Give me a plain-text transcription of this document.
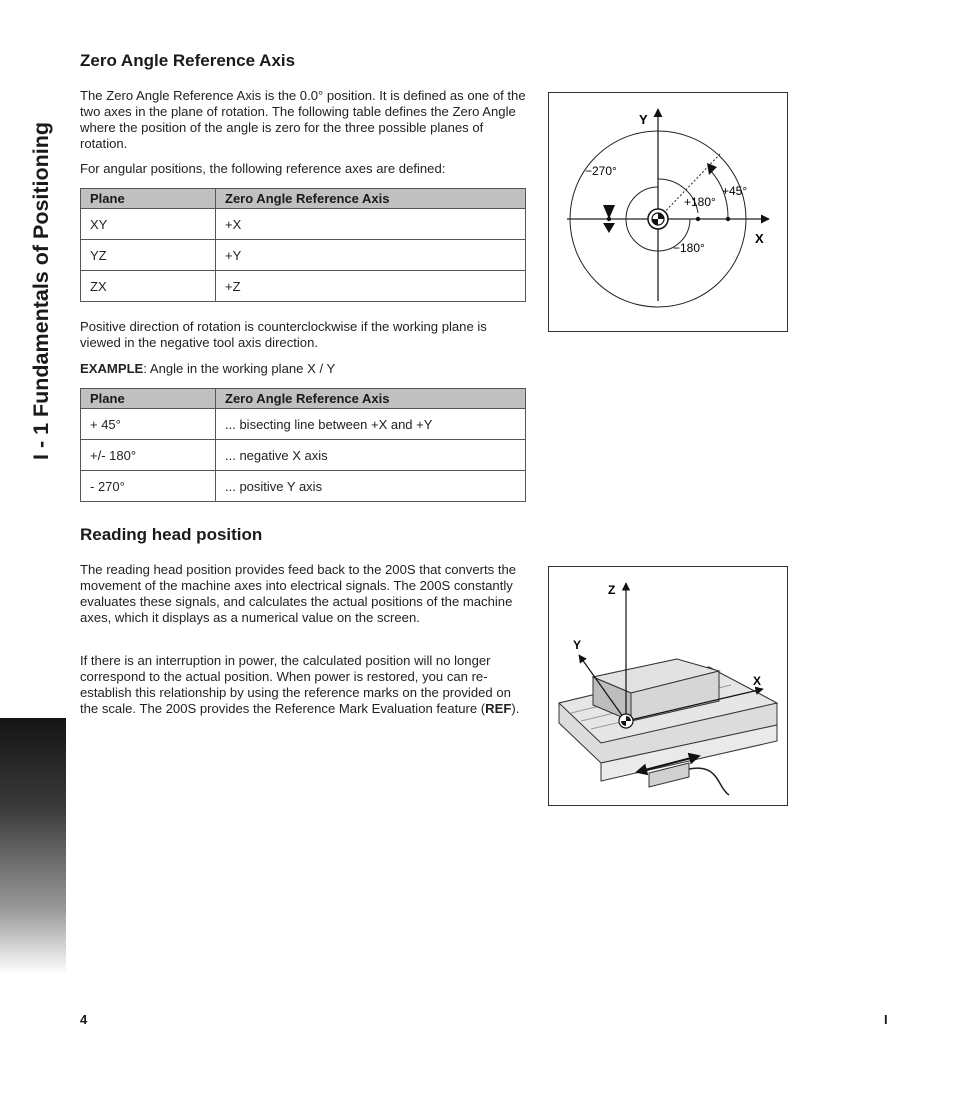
I - 1 Fundamentals of Positioning
Zero Angle Reference Axis

The Zero Angle Reference Axis is the 0.0° position. It is defined as one of the two axes in the plane of rotation. The following table defines the Zero Angle where the position of the angle is zero for the three possible planes of rotation.

For angular positions, the following reference axes are defined:

Plane	Zero Angle Reference Axis
XY	+X
YZ	+Y
ZX	+Z

Positive direction of rotation is counterclockwise if the working plane is viewed in the negative tool axis direction.

EXAMPLE: Angle in the working plane X / Y

Plane	Zero Angle Reference Axis
+ 45°	... bisecting line between +X and +Y
+/- 180°	... negative X axis
- 270°	... positive Y axis
Y
X
−270°
+45°
+180°
−180°
Reading head position

The reading head position provides feed back to the 200S that converts the movement of the machine axes into electrical signals. The 200S constantly evaluates these signals, and calculates the actual positions of the machine axes, which it displays as a numerical value on the screen.

If there is an interruption in power, the calculated position will no longer correspond to the actual position. When power is restored, you can re-establish this relationship by using the reference marks on the provided on the scale. The 200S provides the Reference Mark Evaluation feature (REF).

Z
Y
X
4	I
